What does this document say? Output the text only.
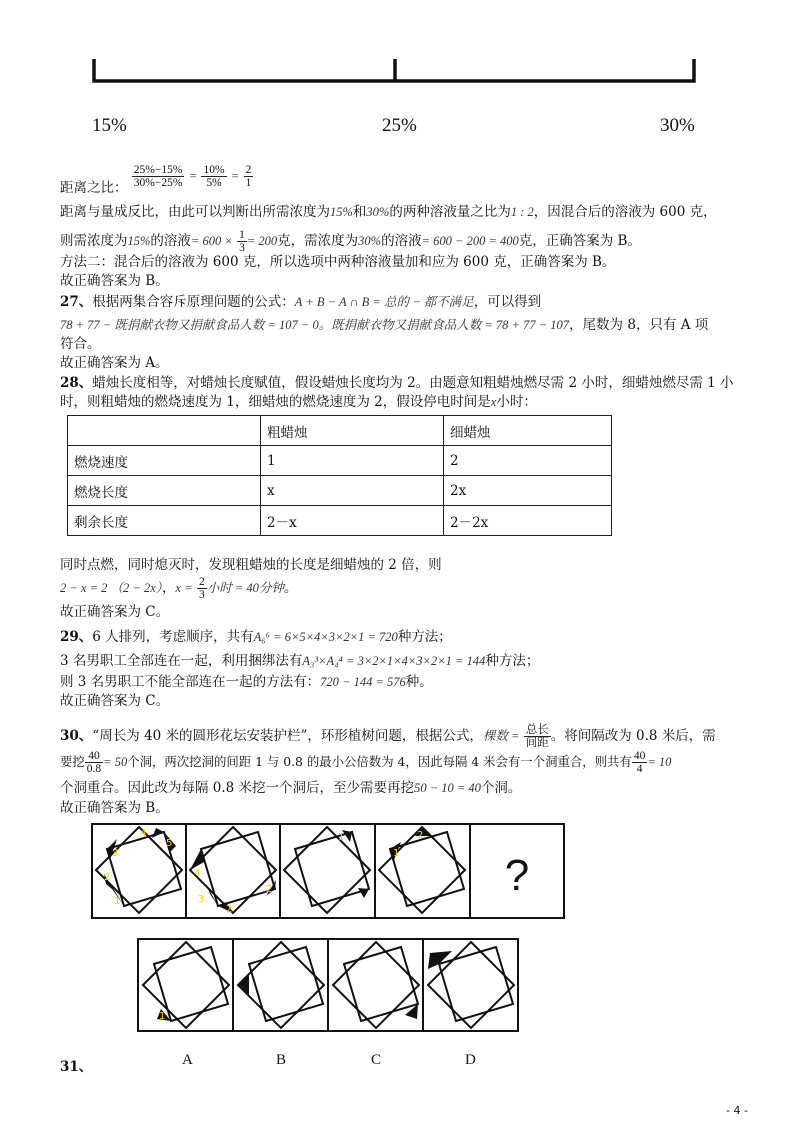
15%	25%	30%
距离之比： $\frac{25\%-15\%}{30\%-25\%} = \frac{10\%}{5\%} = \frac{2}{1}$
距离与量成反比，由此可以判断出所需浓度为15%和30%的两种溶液量之比为1 : 2，因混合后的溶液为 600 克，
则需浓度为15%的溶液= $600 \times \frac{1}{3} = 200$克，需浓度为30%的溶液= 600 − 200 = 400克，正确答案为 B。
方法二：混合后的溶液为 600 克，所以选项中两种溶液量加和应为 600 克，正确答案为 B。
故正确答案为 B。
27、根据两集合容斥原理问题的公式：A + B − A ∩ B = 总的 − 都不满足，可以得到
78 + 77 − 既捐献衣物又捐献食品人数 = 107 − 0。既捐献衣物又捐献食品人数 = 78 + 77 − 107，尾数为 8，只有 A 项
符合。
故正确答案为 A。
28、蜡烛长度相等，对蜡烛长度赋值，假设蜡烛长度均为 2。由题意知粗蜡烛燃尽需 2 小时，细蜡烛燃尽需 1 小
时，则粗蜡烛的燃烧速度为 1，细蜡烛的燃烧速度为 2，假设停电时间是x小时：
	粗蜡烛	细蜡烛
燃烧速度	1	2
燃烧长度	x	2x
剩余长度	2－x	2－2x
同时点燃，同时熄灭时，发现粗蜡烛的长度是细蜡烛的 2 倍，则
2 − x = 2 （2 − 2x），$x = \frac{2}{3}$ 小时 = 40分钟。
故正确答案为 C。
29、6 人排列，考虑顺序，共有A₆⁶ = 6×5×4×3×2×1 = 720种方法；
3 名男职工全部连在一起，利用捆绑法有A₃³×A₄⁴ = 3×2×1×4×3×2×1 = 144种方法；
则 3 名男职工不能全部连在一起的方法有：720 − 144 = 576种。
故正确答案为 C。
30、“周长为 40 米的圆形花坛安装护栏”，环形植树问题，根据公式，棵数 = $\frac{\text{总长}}{\text{间距}}$ 。将间隔改为 0.8 米后，需
要挖 $\frac{40}{0.8} = 50$个洞，两次挖洞的间距 1 与 0.8 的最小公倍数为 4，因此每隔 4 米会有一个洞重合，则共有 $\frac{40}{4} = 10$
个洞重合。因此改为每隔 0.8 米挖一个洞后，至少需要再挖50 − 10 = 40个洞。
故正确答案为 B。
3
4
5
2
1
4
2
3
2
1
1
2
?
1
A	B	C	D
31、
- 4 -
